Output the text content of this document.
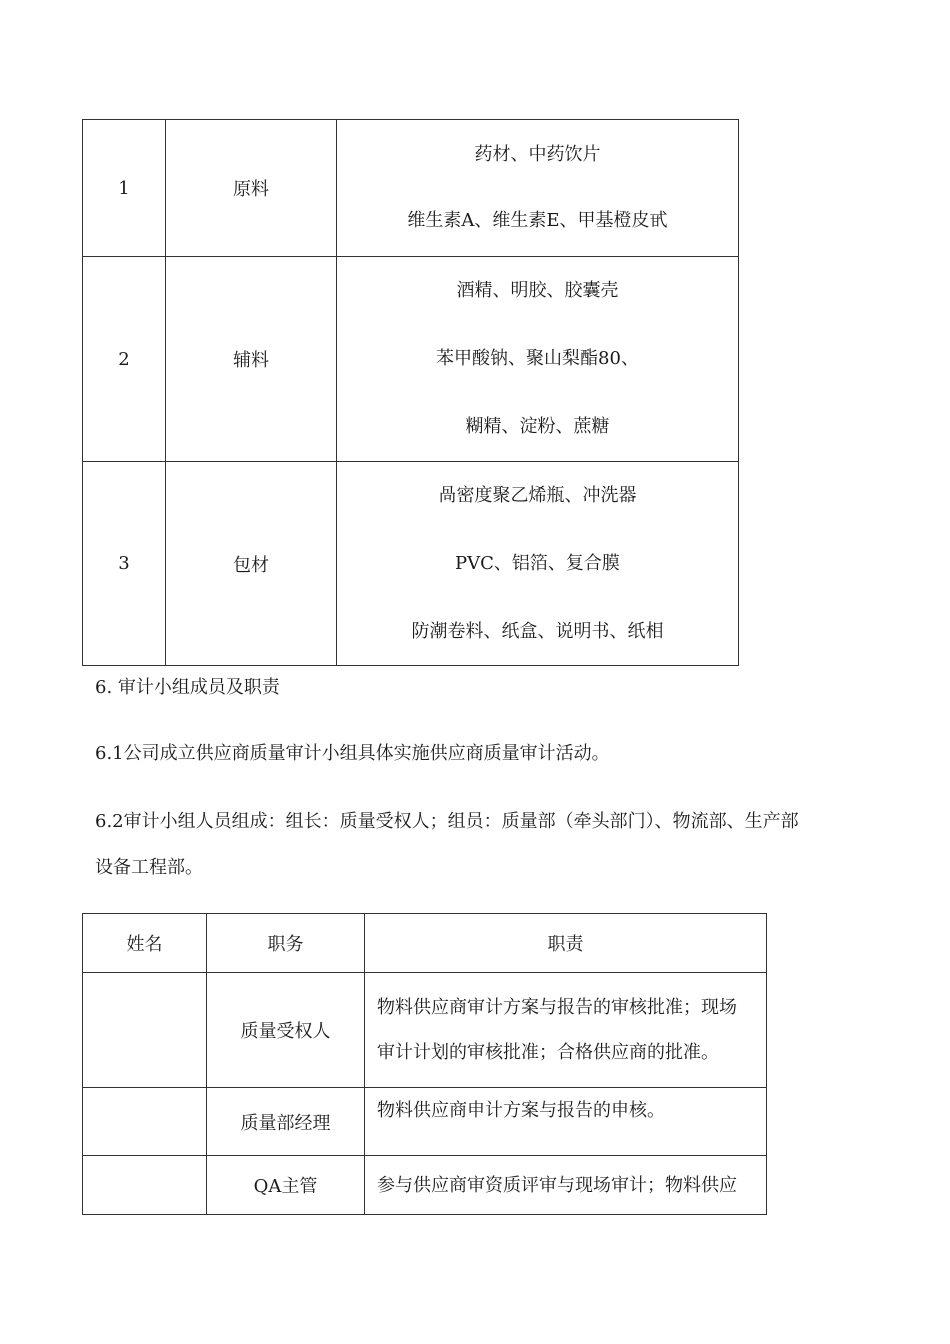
1	原料	药材、中药饮片
维生素A、维生素E、甲基橙皮甙

2	辅料	酒精、明胶、胶囊壳
苯甲酸钠、聚山梨酯80、
糊精、淀粉、蔗糖

3	包材	咼密度聚乙烯瓶、冲洗器
PVC、铝箔、复合膜
防潮卷料、纸盒、说明书、纸相

6. 审计小组成员及职责

6.1公司成立供应商质量审计小组具体实施供应商质量审计活动。

6.2审计小组人员组成：组长：质量受权人；组员：质量部（牵头部门）、物流部、生产部

设备工程部。

姓名	职务	职责
	质量受权人	物料供应商审计方案与报告的审核批准；现场
审计计划的审核批准；合格供应商的批准。

	质量部经理	物料供应商申计方案与报告的申核。

	QA主管	参与供应商审资质评审与现场审计；物料供应
